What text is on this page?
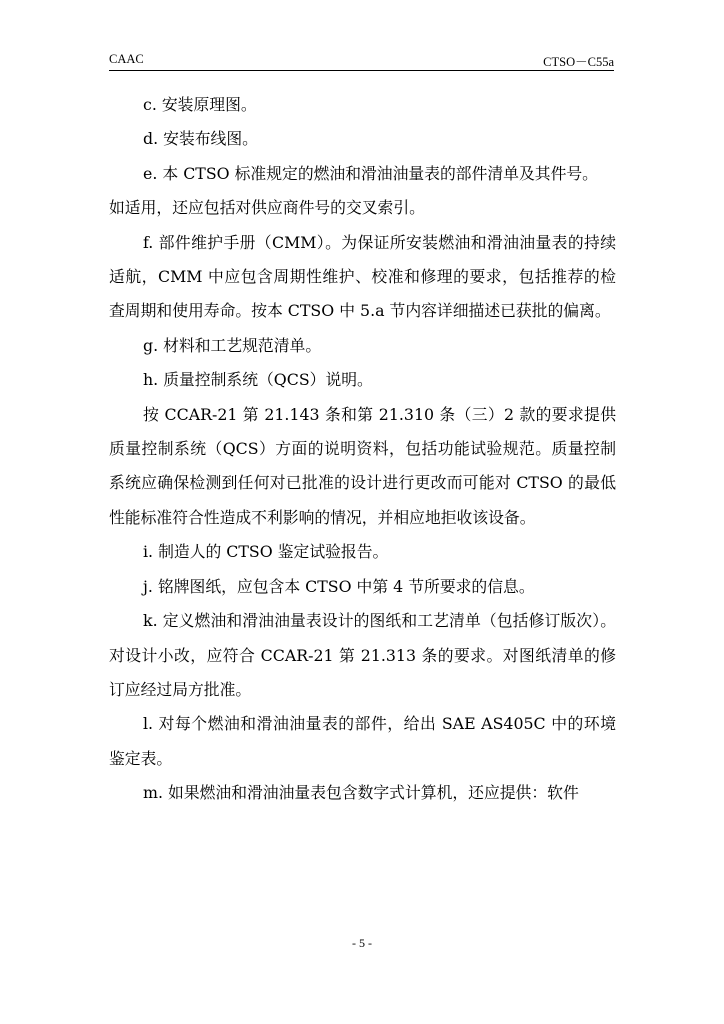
CAAC	CTSO－C55a

c. 安装原理图。

d. 安装布线图。

e. 本 CTSO 标准规定的燃油和滑油油量表的部件清单及其件号。

如适用，还应包括对供应商件号的交叉索引。

f. 部件维护手册（CMM）。为保证所安装燃油和滑油油量表的持续适航，CMM 中应包含周期性维护、校准和修理的要求，包括推荐的检查周期和使用寿命。按本 CTSO 中 5.a 节内容详细描述已获批的偏离。

g. 材料和工艺规范清单。

h. 质量控制系统（QCS）说明。

按 CCAR-21 第 21.143 条和第 21.310 条（三）2 款的要求提供质量控制系统（QCS）方面的说明资料，包括功能试验规范。质量控制系统应确保检测到任何对已批准的设计进行更改而可能对 CTSO 的最低性能标准符合性造成不利影响的情况，并相应地拒收该设备。

i. 制造人的 CTSO 鉴定试验报告。

j. 铭牌图纸，应包含本 CTSO 中第 4 节所要求的信息。

k. 定义燃油和滑油油量表设计的图纸和工艺清单（包括修订版次）。对设计小改，应符合 CCAR-21 第 21.313 条的要求。对图纸清单的修订应经过局方批准。

l. 对每个燃油和滑油油量表的部件，给出 SAE AS405C 中的环境鉴定表。

m. 如果燃油和滑油油量表包含数字式计算机，还应提供：软件

- 5 -
